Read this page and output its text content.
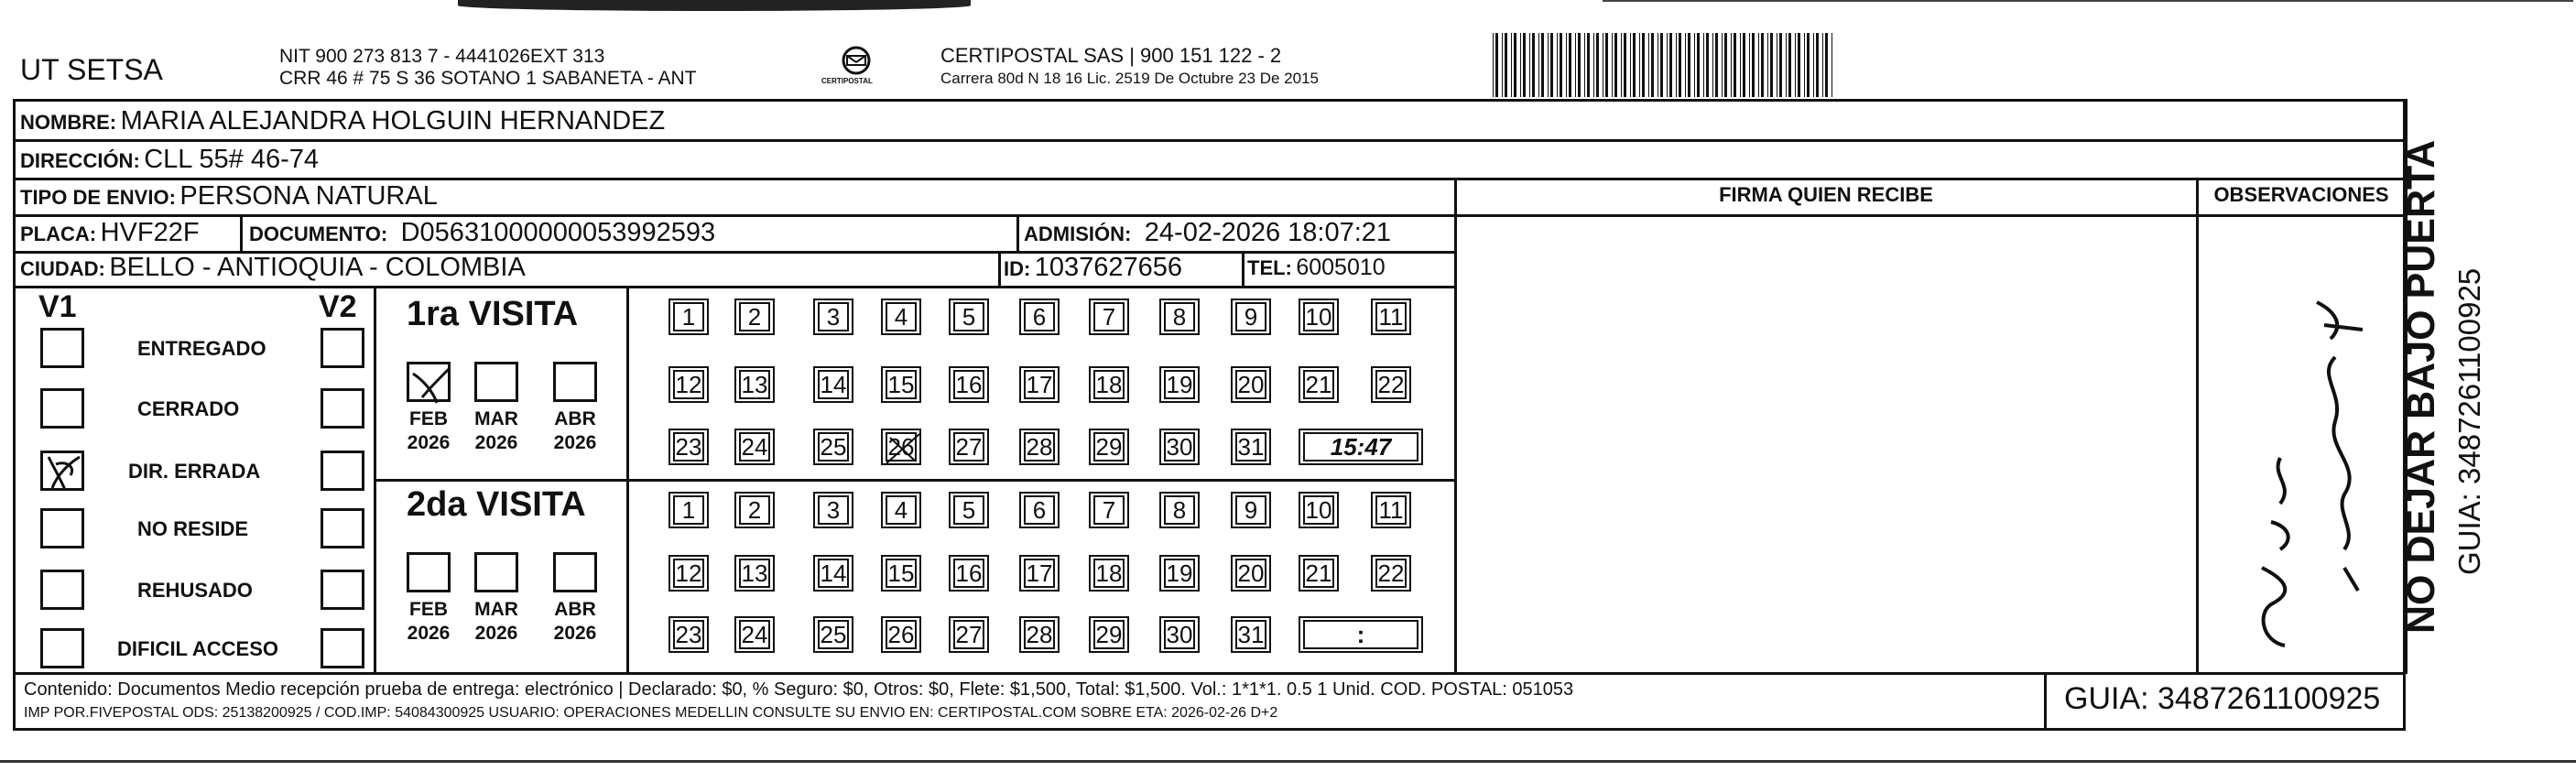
UT SETSA	NIT 900 273 813 7 - 4441026EXT 313
CRR 46 # 75 S 36 SOTANO 1 SABANETA - ANT	CERTIPOSTAL
CERTIPOSTAL SAS | 900 151 122 - 2
Carrera 80d N 18 16 Lic. 2519 De Octubre 23 De 2015
NOMBRE: MARIA ALEJANDRA HOLGUIN HERNANDEZ
DIRECCIÓN: CLL 55# 46-74
TIPO DE ENVIO: PERSONA NATURAL	FIRMA QUIEN RECIBE	OBSERVACIONES
PLACA: HVF22F DOCUMENTO: D05631000000053992593	ADMISIÓN: 24-02-2026 18:07:21
CIUDAD: BELLO - ANTIOQUIA - COLOMBIA	ID: 1037627656	TEL: 6005010
V1	V2
ENTREGADO
CERRADO
DIR. ERRADA
NO RESIDE
REHUSADO
DIFICIL ACCESO
1ra VISITA
2da VISITA
FEB
2026
MAR
2026
ABR
2026
FEB
2026
MAR
2026
ABR
2026
1	2	3	4	5	6	7	8	9	10 11
12 13 14 15 16 17 18 19 20 21 22
23 24 25 26 27 28 29 30 31	15:47
1	2	3	4	5	6	7	8	9	10 11
12 13 14 15 16 17 18 19 20 21 22
23 24 25 26 27 28 29 30 31	:
Por 1Pv ap entrega	NO DEJAR BAJO PUERTA GUIA: 3487261100925
Contenido: Documentos Medio recepción prueba de entrega: electrónico | Declarado: $0, % Seguro: $0, Otros: $0, Flete: $1,500, Total: $1,500. Vol.: 1*1*1. 0.5 1 Unid. COD. POSTAL: 051053
IMP POR.FIVEPOSTAL ODS: 25138200925 / COD.IMP: 54084300925 USUARIO: OPERACIONES MEDELLIN CONSULTE SU ENVIO EN: CERTIPOSTAL.COM SOBRE ETA: 2026-02-26 D+2	GUIA: 3487261100925
